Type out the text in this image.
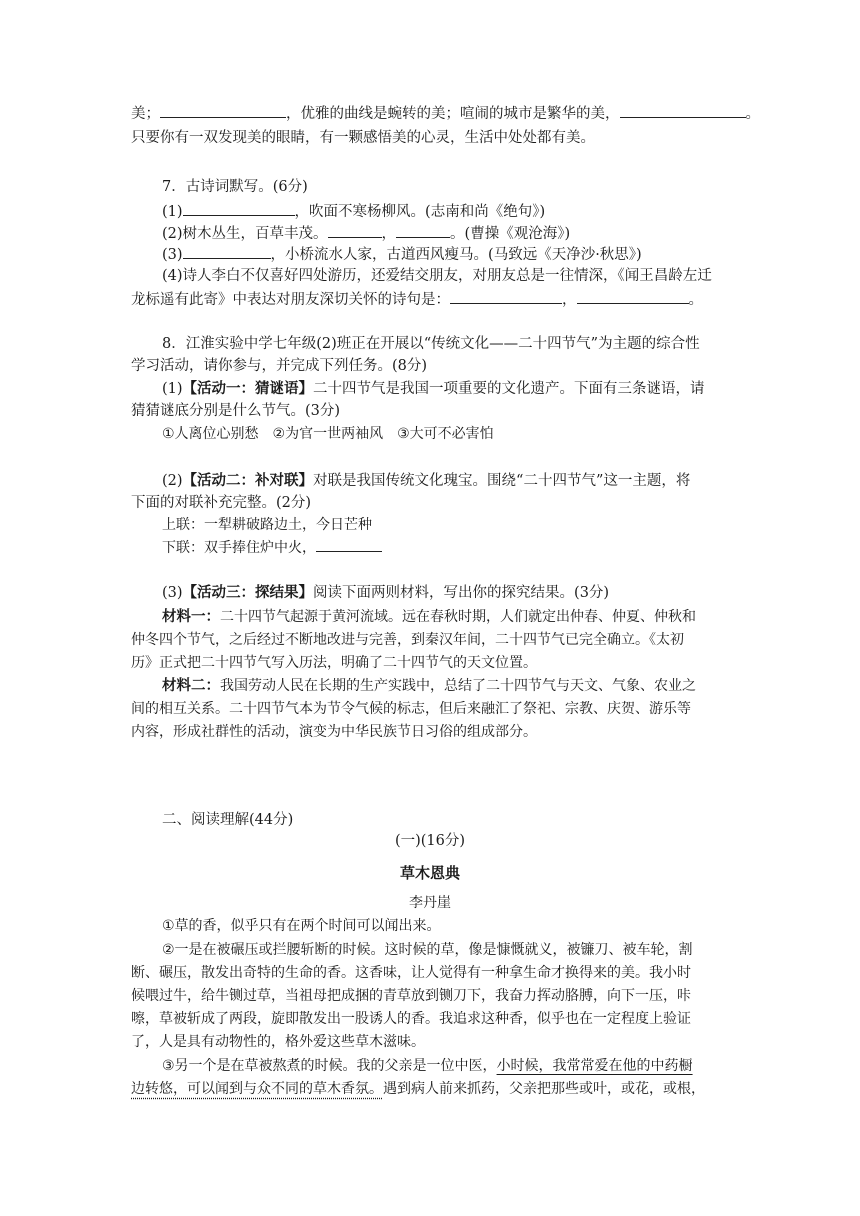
美；	，优雅的曲线是蜿转的美；喧闹的城市是繁华的美，	。
只要你有一双发现美的眼睛，有一颗感悟美的心灵，生活中处处都有美。
7．古诗词默写。(6分)
(1)	，吹面不寒杨柳风。(志南和尚《绝句》)
(2)树木丛生，百草丰茂。	，	。(曹操《观沧海》)
(3)	，小桥流水人家，古道西风瘦马。(马致远《天净沙·秋思》)
(4)诗人李白不仅喜好四处游历，还爱结交朋友，对朋友总是一往情深，《闻王昌龄左迁
龙标遥有此寄》中表达对朋友深切关怀的诗句是：	，	。
8．江淮实验中学七年级(2)班正在开展以“传统文化——二十四节气”为主题的综合性
学习活动，请你参与，并完成下列任务。(8分)
(1)【活动一：猜谜语】二十四节气是我国一项重要的文化遗产。下面有三条谜语，请
猜猜谜底分别是什么节气。(3分)
①人离位心别愁　②为官一世两袖风　③大可不必害怕
(2)【活动二：补对联】对联是我国传统文化瑰宝。围绕“二十四节气”这一主题，将
下面的对联补充完整。(2分)
上联：一犁耕破路边土，今日芒种
下联：双手捧住炉中火，
(3)【活动三：探结果】阅读下面两则材料，写出你的探究结果。(3分)
材料一：二十四节气起源于黄河流域。远在春秋时期，人们就定出仲春、仲夏、仲秋和
仲冬四个节气，之后经过不断地改进与完善，到秦汉年间，二十四节气已完全确立。《太初
历》正式把二十四节气写入历法，明确了二十四节气的天文位置。
材料二：我国劳动人民在长期的生产实践中，总结了二十四节气与天文、气象、农业之
间的相互关系。二十四节气本为节令气候的标志，但后来融汇了祭祀、宗教、庆贺、游乐等
内容，形成社群性的活动，演变为中华民族节日习俗的组成部分。
二、阅读理解(44分)
(一)(16分)
草木恩典
李丹崖
①草的香，似乎只有在两个时间可以闻出来。
②一是在被碾压或拦腰斩断的时候。这时候的草，像是慷慨就义，被镰刀、被车轮，割
断、碾压，散发出奇特的生命的香。这香味，让人觉得有一种拿生命才换得来的美。我小时
候喂过牛，给牛铡过草，当祖母把成捆的青草放到铡刀下，我奋力挥动胳膊，向下一压，咔
嚓，草被斩成了两段，旋即散发出一股诱人的香。我追求这种香，似乎也在一定程度上验证
了，人是具有动物性的，格外爱这些草木滋味。
③另一个是在草被熬煮的时候。我的父亲是一位中医，小时候，我常常爱在他的中药橱
边转悠，可以闻到与众不同的草木香氛。遇到病人前来抓药，父亲把那些或叶，或花，或根，
